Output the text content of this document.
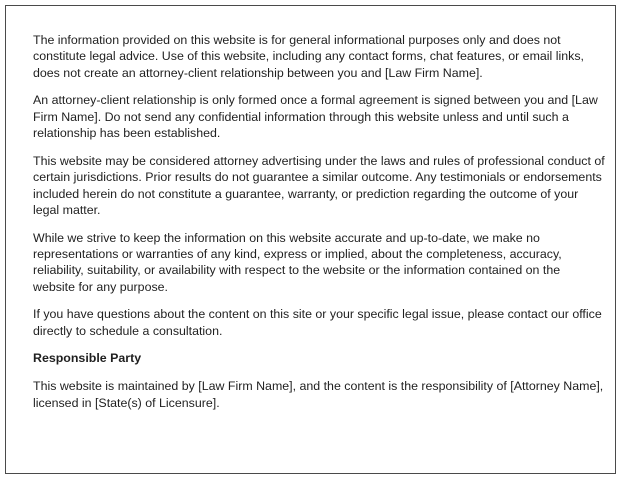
The information provided on this website is for general informational purposes only and does not constitute legal advice. Use of this website, including any contact forms, chat features, or email links, does not create an attorney-client relationship between you and [Law Firm Name].

An attorney-client relationship is only formed once a formal agreement is signed between you and [Law Firm Name]. Do not send any confidential information through this website unless and until such a relationship has been established.

This website may be considered attorney advertising under the laws and rules of professional conduct of certain jurisdictions. Prior results do not guarantee a similar outcome. Any testimonials or endorsements included herein do not constitute a guarantee, warranty, or prediction regarding the outcome of your legal matter.

While we strive to keep the information on this website accurate and up-to-date, we make no representations or warranties of any kind, express or implied, about the completeness, accuracy, reliability, suitability, or availability with respect to the website or the information contained on the website for any purpose.

If you have questions about the content on this site or your specific legal issue, please contact our office directly to schedule a consultation.

Responsible Party

This website is maintained by [Law Firm Name], and the content is the responsibility of [Attorney Name], licensed in [State(s) of Licensure].
